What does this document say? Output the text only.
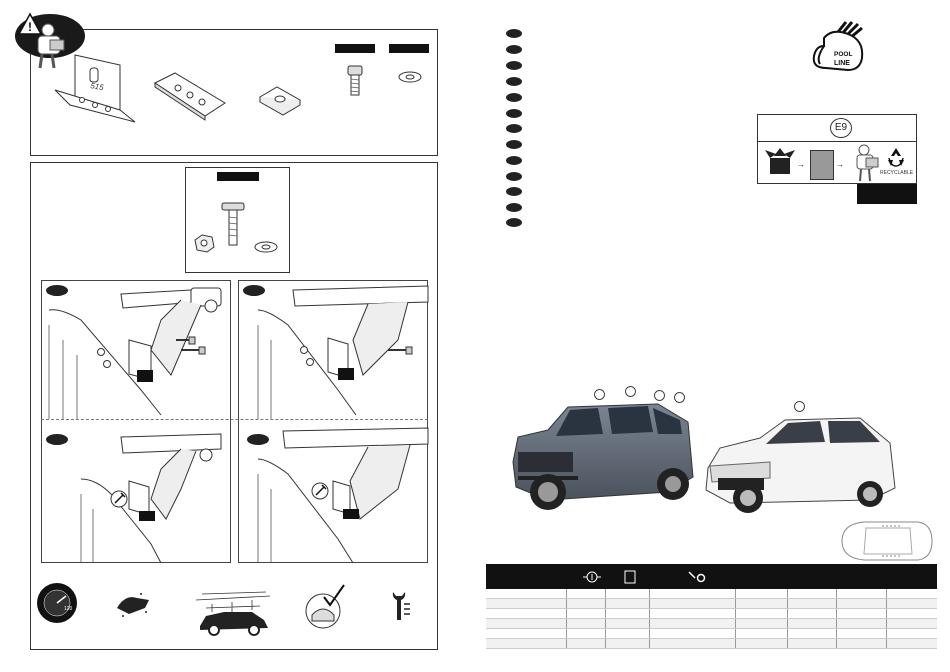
!
515
120
POOL
LINE
E9
→	→
RECYCLABLE
